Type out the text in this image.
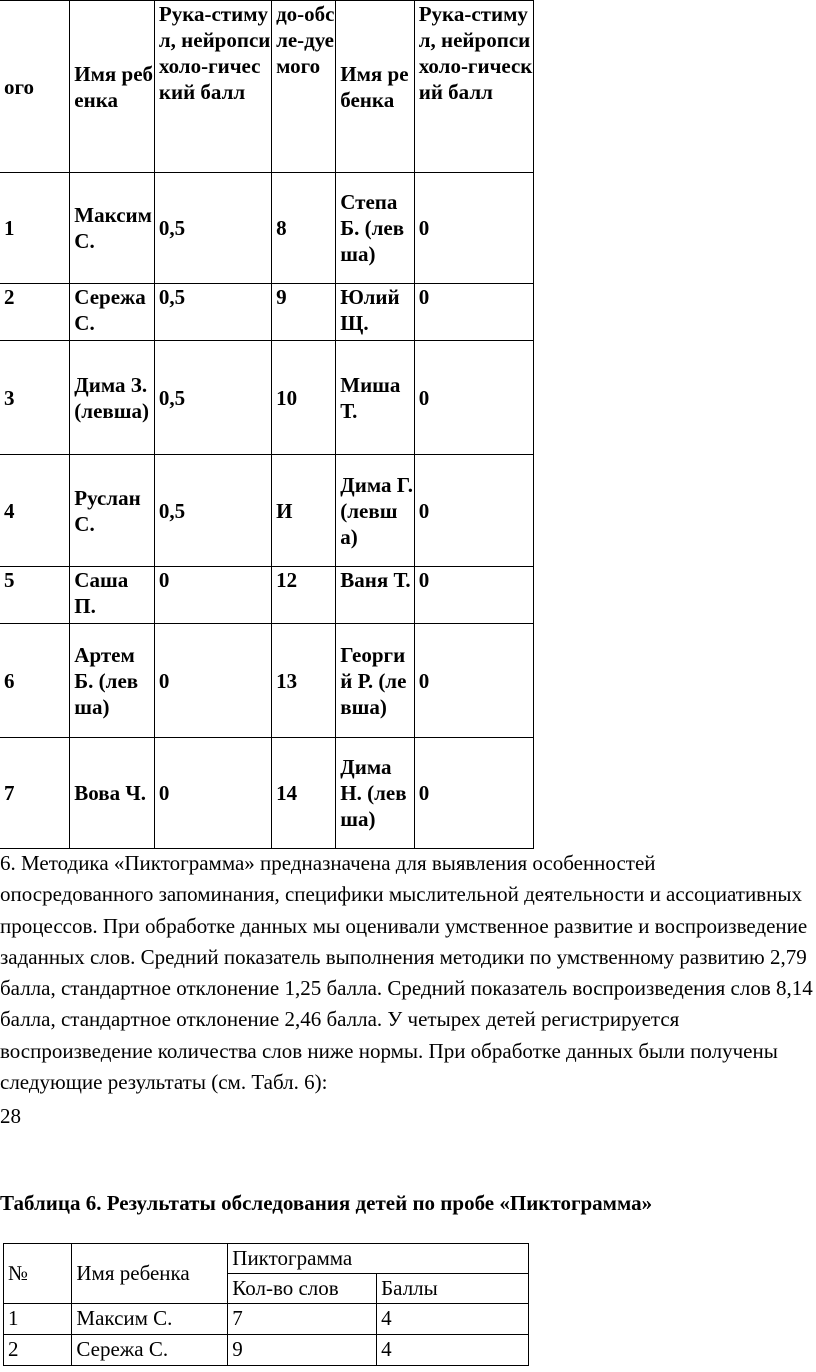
ого	Имя ребенка	Рука-стимул, нейропсихоло-гический балл	до-обсле-дуемого	Имя ребенка	Рука-стимул, нейропсихоло-гический балл
1	Максим С.	0,5	8	Степа Б. (левша)	0
2	Сережа С.	0,5	9	Юлий Щ.	0
3	Дима З. (левша)	0,5	10	Миша Т.	0
4	Руслан С.	0,5	И	Дима Г. (левша)	0
5	Саша П.	0	12	Ваня Т.	0
6	Артем Б. (левша)	0	13	Георгий Р. (левша)	0
7	Вова Ч.	0	14	Дима Н. (левша)	0
6. Методика «Пиктограмма» предназначена для выявления особенностей опосредованного запоминания, специфики мыслительной деятельности и ассоциативных процессов. При обработке данных мы оценивали умственное развитие и воспроизведение заданных слов. Средний показатель выполнения методики по умственному развитию 2,79 балла, стандартное отклонение 1,25 балла. Средний показатель воспроизведения слов 8,14 балла, стандартное отклонение 2,46 балла. У четырех детей регистрируется воспроизведение количества слов ниже нормы. При обработке данных были получены следующие результаты (см. Табл. 6):
28
Таблица 6. Результаты обследования детей по пробе «Пиктограмма»
№	Имя ребенка	Пиктограмма	
		Кол-во слов	Баллы
1	Максим С.	7	4
2	Сережа С.	9	4
